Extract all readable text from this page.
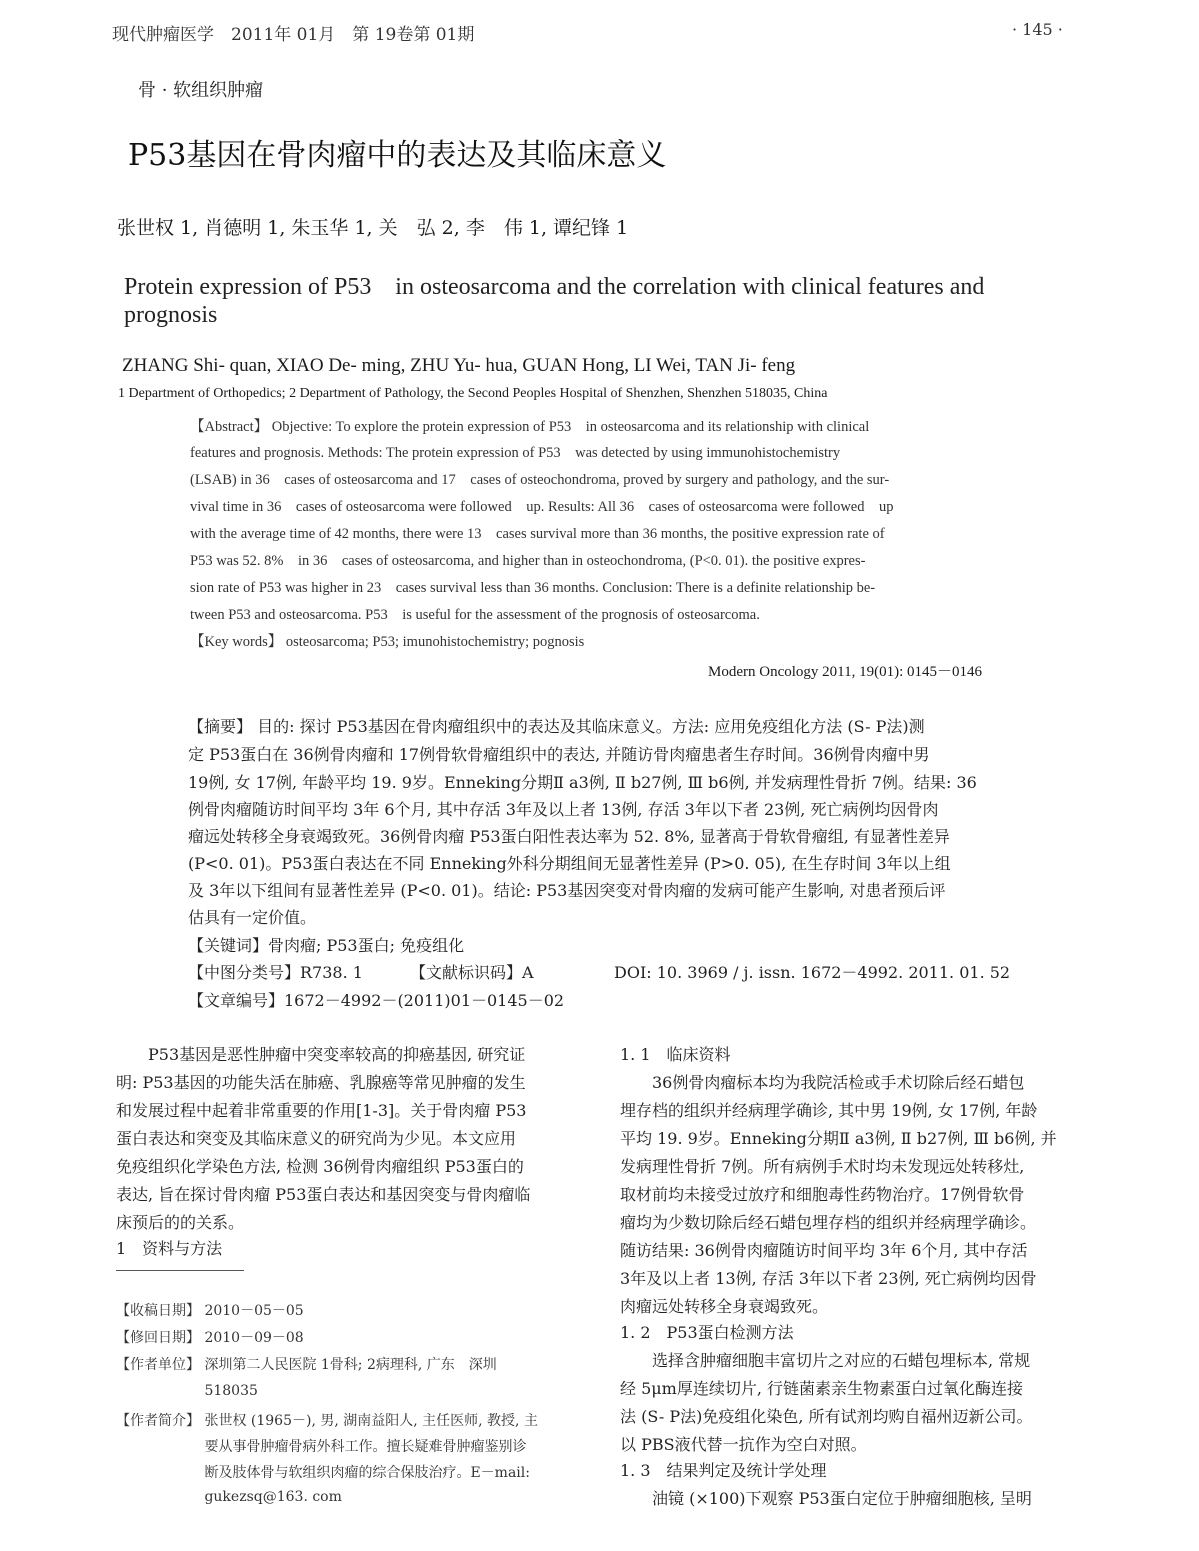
现代肿瘤医学　2011年 01月　第 19卷第 01期	· 145 ·
骨 · 软组织肿瘤
P53基因在骨肉瘤中的表达及其临床意义
张世权 1, 肖德明 1, 朱玉华 1, 关　弘 2, 李　伟 1, 谭纪锋 1
Protein expression of P53　in osteosarcoma and the correlation with clinical features and
prognosis
ZHANG Shi- quan, XIAO De- ming, ZHU Yu- hua, GUAN Hong, LI Wei, TAN Ji- feng
1 Department of Orthopedics; 2 Department of Pathology, the Second Peoples Hospital of Shenzhen, Shenzhen 518035, China
【Abstract】 Objective: To explore the protein expression of P53　in osteosarcoma and its relationship with clinical
features and prognosis. Methods: The protein expression of P53　was detected by using immunohistochemistry
(LSAB) in 36　cases of osteosarcoma and 17　cases of osteochondroma, proved by surgery and pathology, and the sur-
vival time in 36　cases of osteosarcoma were followed　up. Results: All 36　cases of osteosarcoma were followed　up
with the average time of 42 months, there were 13　cases survival more than 36 months, the positive expression rate of
P53 was 52. 8%　in 36　cases of osteosarcoma, and higher than in osteochondroma, (P<0. 01). the positive expres-
sion rate of P53 was higher in 23　cases survival less than 36 months. Conclusion: There is a definite relationship be-
tween P53 and osteosarcoma. P53　is useful for the assessment of the prognosis of osteosarcoma.
【Key words】 osteosarcoma; P53; imunohistochemistry; pognosis
Modern Oncology 2011, 19(01): 0145－0146
【摘要】 目的: 探讨 P53基因在骨肉瘤组织中的表达及其临床意义。方法: 应用免疫组化方法 (S- P法)测
定 P53蛋白在 36例骨肉瘤和 17例骨软骨瘤组织中的表达, 并随访骨肉瘤患者生存时间。36例骨肉瘤中男
19例, 女 17例, 年龄平均 19. 9岁。Enneking分期Ⅱ a3例, Ⅱ b27例, Ⅲ b6例, 并发病理性骨折 7例。结果: 36
例骨肉瘤随访时间平均 3年 6个月, 其中存活 3年及以上者 13例, 存活 3年以下者 23例, 死亡病例均因骨肉
瘤远处转移全身衰竭致死。36例骨肉瘤 P53蛋白阳性表达率为 52. 8%, 显著高于骨软骨瘤组, 有显著性差异
(P<0. 01)。P53蛋白表达在不同 Enneking外科分期组间无显著性差异 (P>0. 05), 在生存时间 3年以上组
及 3年以下组间有显著性差异 (P<0. 01)。结论: P53基因突变对骨肉瘤的发病可能产生影响, 对患者预后评
估具有一定价值。
【关键词】骨肉瘤; P53蛋白; 免疫组化
【中图分类号】R738. 1	【文献标识码】A	DOI: 10. 3969 / j. issn. 1672－4992. 2011. 01. 52
【文章编号】1672－4992－(2011)01－0145－02
　　P53基因是恶性肿瘤中突变率较高的抑癌基因, 研究证
明: P53基因的功能失活在肺癌、乳腺癌等常见肿瘤的发生
和发展过程中起着非常重要的作用[1-3]。关于骨肉瘤 P53
蛋白表达和突变及其临床意义的研究尚为少见。本文应用
免疫组织化学染色方法, 检测 36例骨肉瘤组织 P53蛋白的
表达, 旨在探讨骨肉瘤 P53蛋白表达和基因突变与骨肉瘤临
床预后的的关系。
1　资料与方法
【收稿日期】 2010－05－05
【修回日期】 2010－09－08
【作者单位】 深圳第二人民医院 1骨科; 2病理科, 广东　深圳
　　　　　　 518035
【作者简介】 张世权 (1965－), 男, 湖南益阳人, 主任医师, 教授, 主
　　　　　　 要从事骨肿瘤骨病外科工作。擅长疑难骨肿瘤鉴别诊
　　　　　　 断及肢体骨与软组织肉瘤的综合保肢治疗。E－mail:
　　　　　　 gukezsq@163. com
1. 1　临床资料
　　36例骨肉瘤标本均为我院活检或手术切除后经石蜡包
埋存档的组织并经病理学确诊, 其中男 19例, 女 17例, 年龄
平均 19. 9岁。Enneking分期Ⅱ a3例, Ⅱ b27例, Ⅲ b6例, 并
发病理性骨折 7例。所有病例手术时均未发现远处转移灶,
取材前均未接受过放疗和细胞毒性药物治疗。17例骨软骨
瘤均为少数切除后经石蜡包埋存档的组织并经病理学确诊。
随访结果: 36例骨肉瘤随访时间平均 3年 6个月, 其中存活
3年及以上者 13例, 存活 3年以下者 23例, 死亡病例均因骨
肉瘤远处转移全身衰竭致死。
1. 2　P53蛋白检测方法
　　选择含肿瘤细胞丰富切片之对应的石蜡包埋标本, 常规
经 5μm厚连续切片, 行链菌素亲生物素蛋白过氧化酶连接
法 (S- P法)免疫组化染色, 所有试剂均购自福州迈新公司。
以 PBS液代替一抗作为空白对照。
1. 3　结果判定及统计学处理
　　油镜 (×100)下观察 P53蛋白定位于肿瘤细胞核, 呈明
